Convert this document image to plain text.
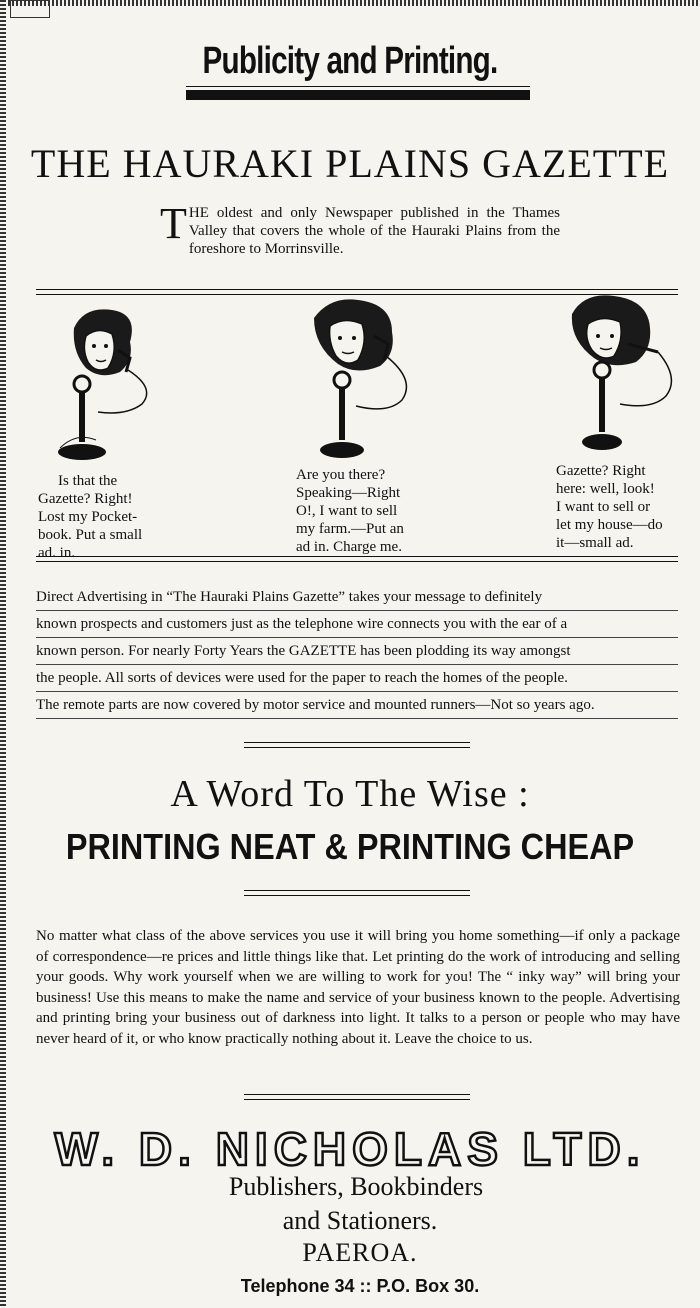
Publicity and Printing.
THE HAURAKI PLAINS GAZETTE
T HE oldest and only Newspaper published in the Thames Valley that covers the whole of the Hauraki Plains from the foreshore to Morrinsville.
Is that the
Gazette? Right!
Lost my Pocket-
book. Put a small
ad. in.
Are you there?
Speaking—Right
O!, I want to sell
my farm.—Put an
ad in. Charge me.
Gazette? Right
here: well, look!
I want to sell or
let my house—do
it—small ad.
Direct Advertising in “The Hauraki Plains Gazette” takes your message to definitely
known prospects and customers just as the telephone wire connects you with the ear of a
known person. For nearly Forty Years the GAZETTE has been plodding its way amongst
the people. All sorts of devices were used for the paper to reach the homes of the people.
The remote parts are now covered by motor service and mounted runners—Not so years ago.
A Word To The Wise :
PRINTING NEAT & PRINTING CHEAP
No matter what class of the above services you use it will bring you home something—if only a package of correspondence—re prices and little things like that. Let printing do the work of introducing and selling your goods. Why work yourself when we are willing to work for you! The “ inky way” will bring your business! Use this means to make the name and service of your business known to the people. Advertising and printing bring your business out of darkness into light. It talks to a person or people who may have never heard of it, or who know practically nothing about it. Leave the choice to us.
W. D. NICHOLAS LTD.
Publishers, Bookbinders
and Stationers.
PAEROA.
Telephone 34 :: P.O. Box 30.
